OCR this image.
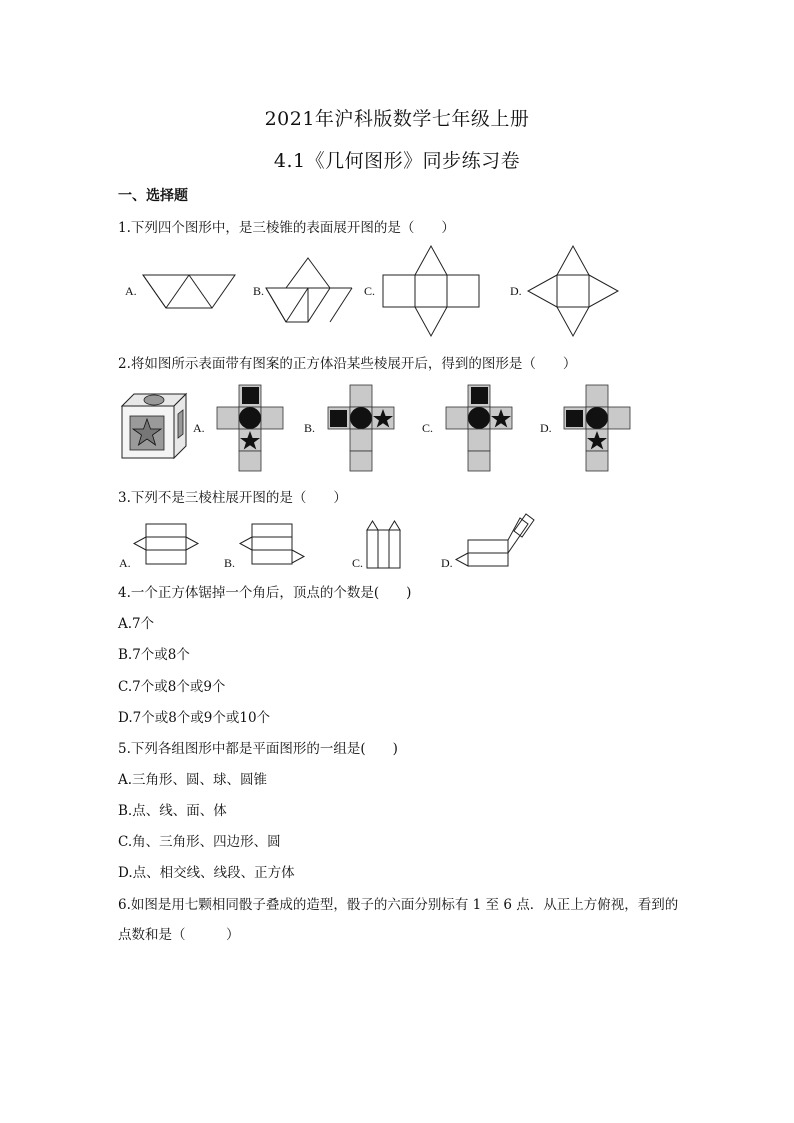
2021年沪科版数学七年级上册
4.1《几何图形》同步练习卷
一、选择题
1.下列四个图形中，是三棱锥的表面展开图的是（　　）
A.	B.	C.	D.
2.将如图所示表面带有图案的正方体沿某些棱展开后，得到的图形是（　　）
A.	B.	C.	D.
3.下列不是三棱柱展开图的是（　　）
A.	B.	C.	D.
4.一个正方体锯掉一个角后，顶点的个数是(　　)
A.7个
B.7个或8个
C.7个或8个或9个
D.7个或8个或9个或10个
5.下列各组图形中都是平面图形的一组是(　　)
A.三角形、圆、球、圆锥
B.点、线、面、体
C.角、三角形、四边形、圆
D.点、相交线、线段、正方体
6.如图是用七颗相同骰子叠成的造型，骰子的六面分别标有 1 至 6 点．从正上方俯视，看到的
点数和是（　　　）
